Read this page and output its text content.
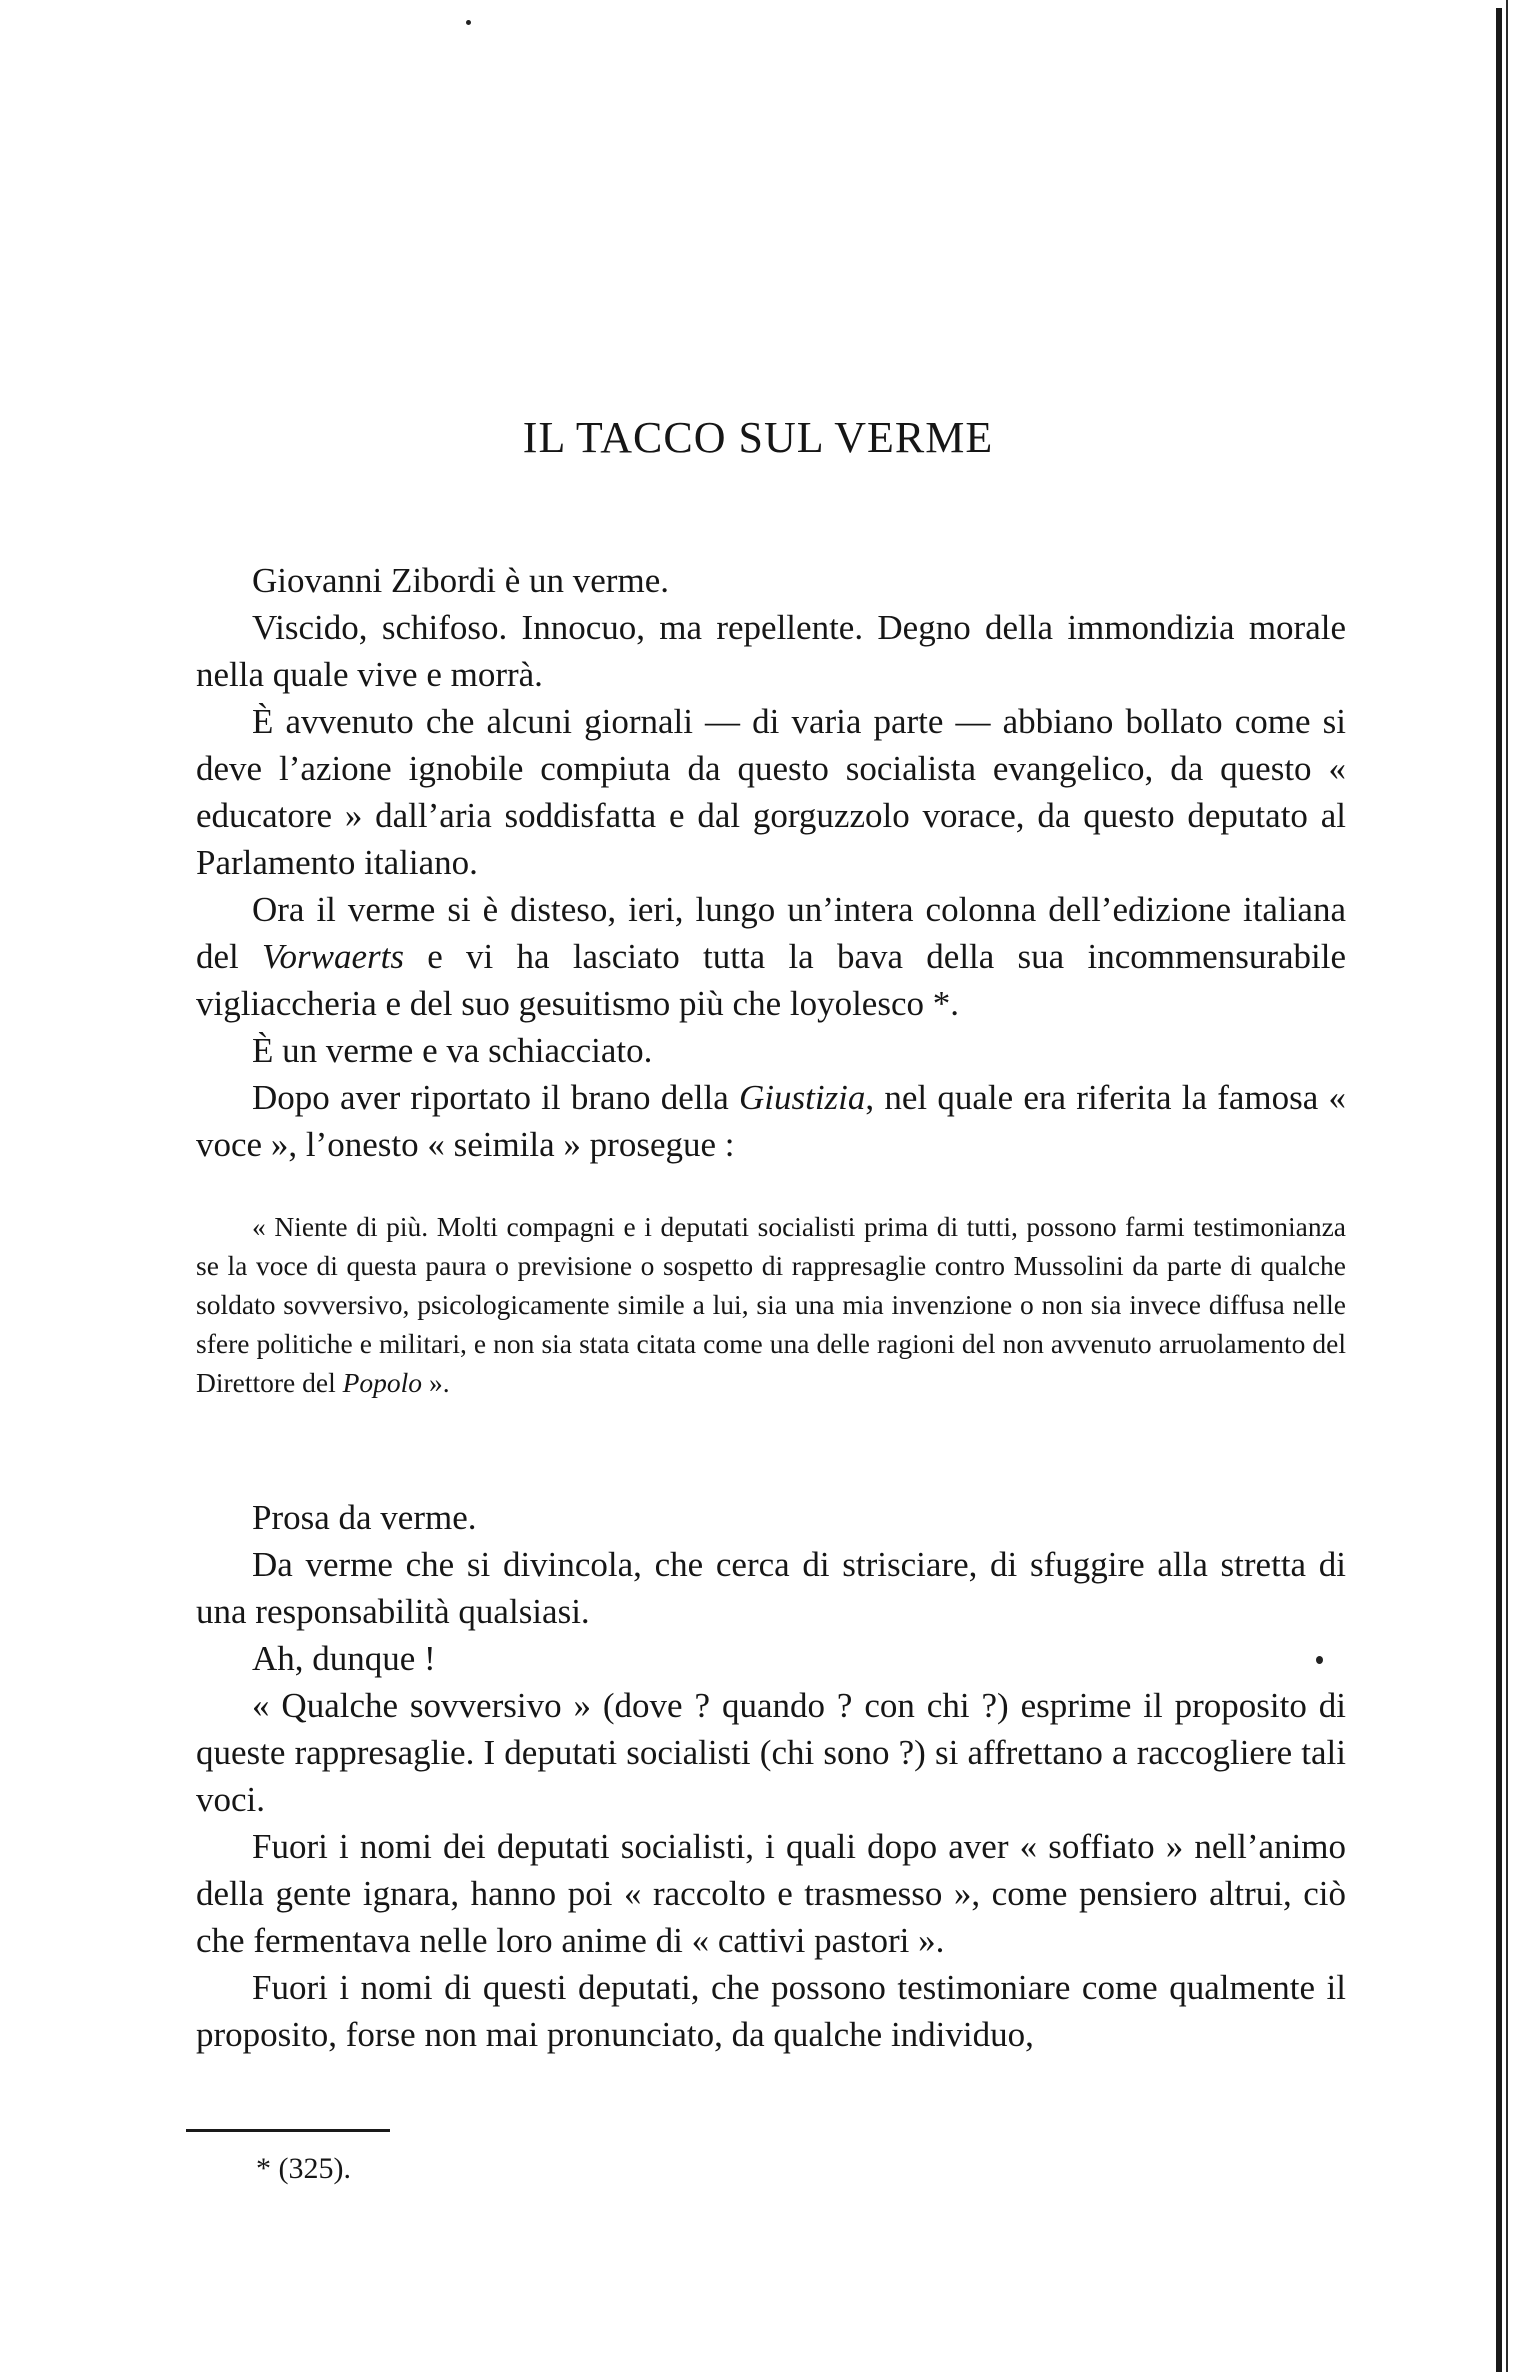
IL TACCO SUL VERME

Giovanni Zibordi è un verme.

Viscido, schifoso. Innocuo, ma repellente. Degno della immondizia morale nella quale vive e morrà.

È avvenuto che alcuni giornali — di varia parte — abbiano bollato come si deve l’azione ignobile compiuta da questo socialista evangelico, da questo « educatore » dall’aria soddisfatta e dal gorguzzolo vorace, da questo deputato al Parlamento italiano.

Ora il verme si è disteso, ieri, lungo un’intera colonna dell’edizione italiana del Vorwaerts e vi ha lasciato tutta la bava della sua incommensurabile vigliaccheria e del suo gesuitismo più che loyolesco *.

È un verme e va schiacciato.

Dopo aver riportato il brano della Giustizia, nel quale era riferita la famosa « voce », l’onesto « seimila » prosegue :

« Niente di più. Molti compagni e i deputati socialisti prima di tutti, possono farmi testimonianza se la voce di questa paura o previsione o sospetto di rappresaglie contro Mussolini da parte di qualche soldato sovversivo, psicologicamente simile a lui, sia una mia invenzione o non sia invece diffusa nelle sfere politiche e militari, e non sia stata citata come una delle ragioni del non avvenuto arruolamento del Direttore del Popolo ».

Prosa da verme.

Da verme che si divincola, che cerca di strisciare, di sfuggire alla stretta di una responsabilità qualsiasi.

Ah, dunque !

« Qualche sovversivo » (dove ? quando ? con chi ?) esprime il proposito di queste rappresaglie. I deputati socialisti (chi sono ?) si affrettano a raccogliere tali voci.

Fuori i nomi dei deputati socialisti, i quali dopo aver « soffiato » nell’animo della gente ignara, hanno poi « raccolto e trasmesso », come pensiero altrui, ciò che fermentava nelle loro anime di « cattivi pastori ».

Fuori i nomi di questi deputati, che possono testimoniare come qualmente il proposito, forse non mai pronunciato, da qualche individuo,

* (325).
